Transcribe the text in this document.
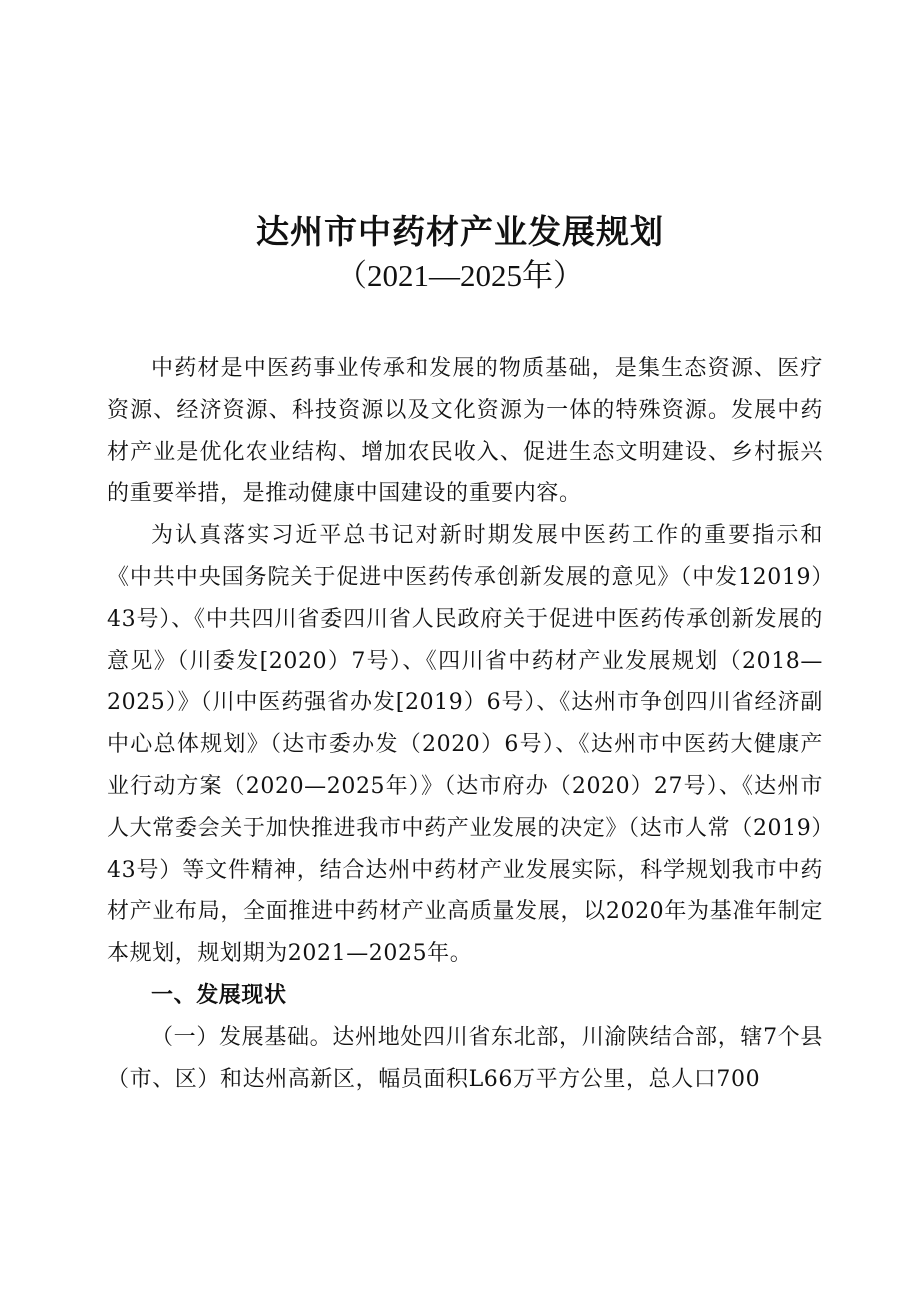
达州市中药材产业发展规划
（2021—2025年）

中药材是中医药事业传承和发展的物质基础，是集生态资源、医疗资源、经济资源、科技资源以及文化资源为一体的特殊资源。发展中药材产业是优化农业结构、增加农民收入、促进生态文明建设、乡村振兴的重要举措，是推动健康中国建设的重要内容。

为认真落实习近平总书记对新时期发展中医药工作的重要指示和《中共中央国务院关于促进中医药传承创新发展的意见》（中发12019）43号）、《中共四川省委四川省人民政府关于促进中医药传承创新发展的意见》（川委发[2020）7号）、《四川省中药材产业发展规划（2018—2025）》（川中医药强省办发[2019）6号）、《达州市争创四川省经济副中心总体规划》（达市委办发（2020）6号）、《达州市中医药大健康产业行动方案（2020—2025年）》（达市府办（2020）27号）、《达州市人大常委会关于加快推进我市中药产业发展的决定》（达市人常（2019）43号）等文件精神，结合达州中药材产业发展实际，科学规划我市中药材产业布局，全面推进中药材产业高质量发展，以2020年为基准年制定本规划，规划期为2021—2025年。

一、发展现状

（一）发展基础。达州地处四川省东北部，川渝陕结合部，辖7个县（市、区）和达州高新区，幅员面积L66万平方公里，总人口700
